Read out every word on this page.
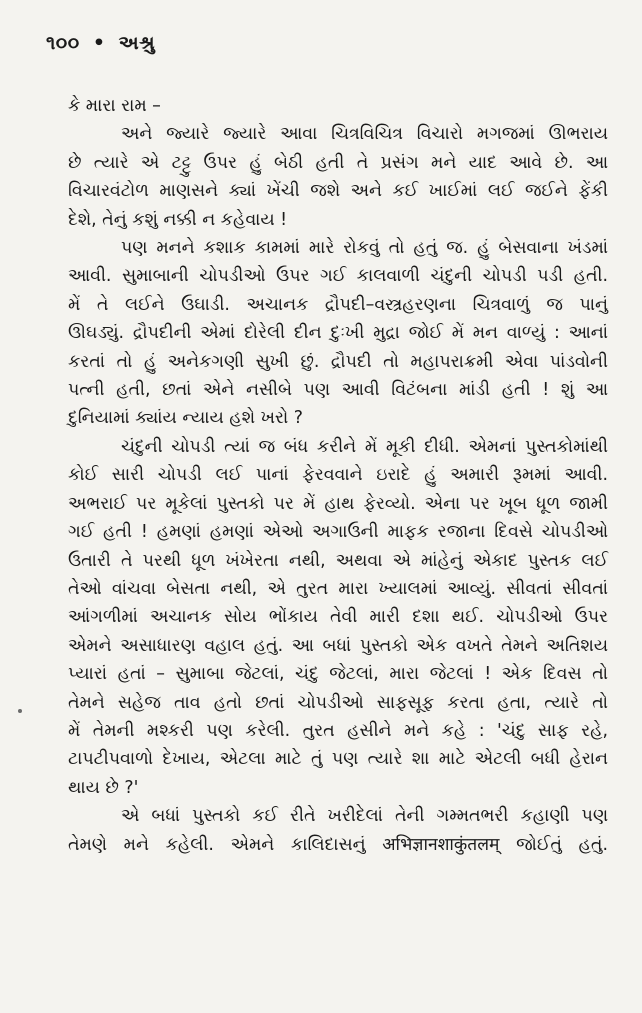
૧૦૦ • અશ્રુ
કે મારા રામ –
અને જ્યારે જ્યારે આવા ચિત્રવિચિત્ર વિચારો મગજમાં ઊભરાય
છે ત્યારે એ ટટ્ટુ ઉપર હું બેઠી હતી તે પ્રસંગ મને યાદ આવે છે. આ
વિચારવંટોળ માણસને ક્યાં ખેંચી જશે અને કઈ ખાઈમાં લઈ જઈને ફેંકી
દેશે, તેનું કશું નક્કી ન કહેવાય !
પણ મનને કશાક કામમાં મારે રોકવું તો હતું જ. હું બેસવાના ખંડમાં
આવી. સુમાબાની ચોપડીઓ ઉપર ગઈ કાલવાળી ચંદુની ચોપડી પડી હતી.
મેં તે લઈને ઉઘાડી. અચાનક દ્રૌપદી–વસ્ત્રહરણના ચિત્રવાળું જ પાનું
ઊઘડ્યું. દ્રૌપદીની એમાં દોરેલી દીન દુઃખી મુદ્રા જોઈ મેં મન વાળ્યું : આનાં
કરતાં તો હું અનેકગણી સુખી છું. દ્રૌપદી તો મહાપરાક્રમી એવા પાંડવોની
પત્ની હતી, છતાં એને નસીબે પણ આવી વિટંબના માંડી હતી ! શું આ
દુનિયામાં ક્યાંય ન્યાય હશે ખરો ?
ચંદુની ચોપડી ત્યાં જ બંધ કરીને મેં મૂકી દીધી. એમનાં પુસ્તકોમાંથી
કોઈ સારી ચોપડી લઈ પાનાં ફેરવવાને ઇરાદે હું અમારી રૂમમાં આવી.
અભરાઈ પર મૂકેલાં પુસ્તકો પર મેં હાથ ફેરવ્યો. એના પર ખૂબ ધૂળ જામી
ગઈ હતી ! હમણાં હમણાં એઓ અગાઉની માફક રજાના દિવસે ચોપડીઓ
ઉતારી તે પરથી ધૂળ ખંખેરતા નથી, અથવા એ માંહેનું એકાદ પુસ્તક લઈ
તેઓ વાંચવા બેસતા નથી, એ તુરત મારા ખ્યાલમાં આવ્યું. સીવતાં સીવતાં
આંગળીમાં અચાનક સોય ભોંકાય તેવી મારી દશા થઈ. ચોપડીઓ ઉપર
એમને અસાધારણ વહાલ હતું. આ બધાં પુસ્તકો એક વખતે તેમને અતિશય
પ્યારાં હતાં – સુમાબા જેટલાં, ચંદુ જેટલાં, મારા જેટલાં ! એક દિવસ તો
તેમને સહેજ તાવ હતો છતાં ચોપડીઓ સાફસૂફ કરતા હતા, ત્યારે તો
મેં તેમની મશ્કરી પણ કરેલી. તુરત હસીને મને કહે : 'ચંદુ સાફ રહે,
ટાપટીપવાળો દેખાય, એટલા માટે તું પણ ત્યારે શા માટે એટલી બધી હેરાન
થાય છે ?'
એ બધાં પુસ્તકો કઈ રીતે ખરીદેલાં તેની ગમ્મતભરી કહાણી પણ
તેમણે મને કહેલી. એમને કાલિદાસનું अभिज्ञानशाकुंतलम् જોઈતું હતું.
